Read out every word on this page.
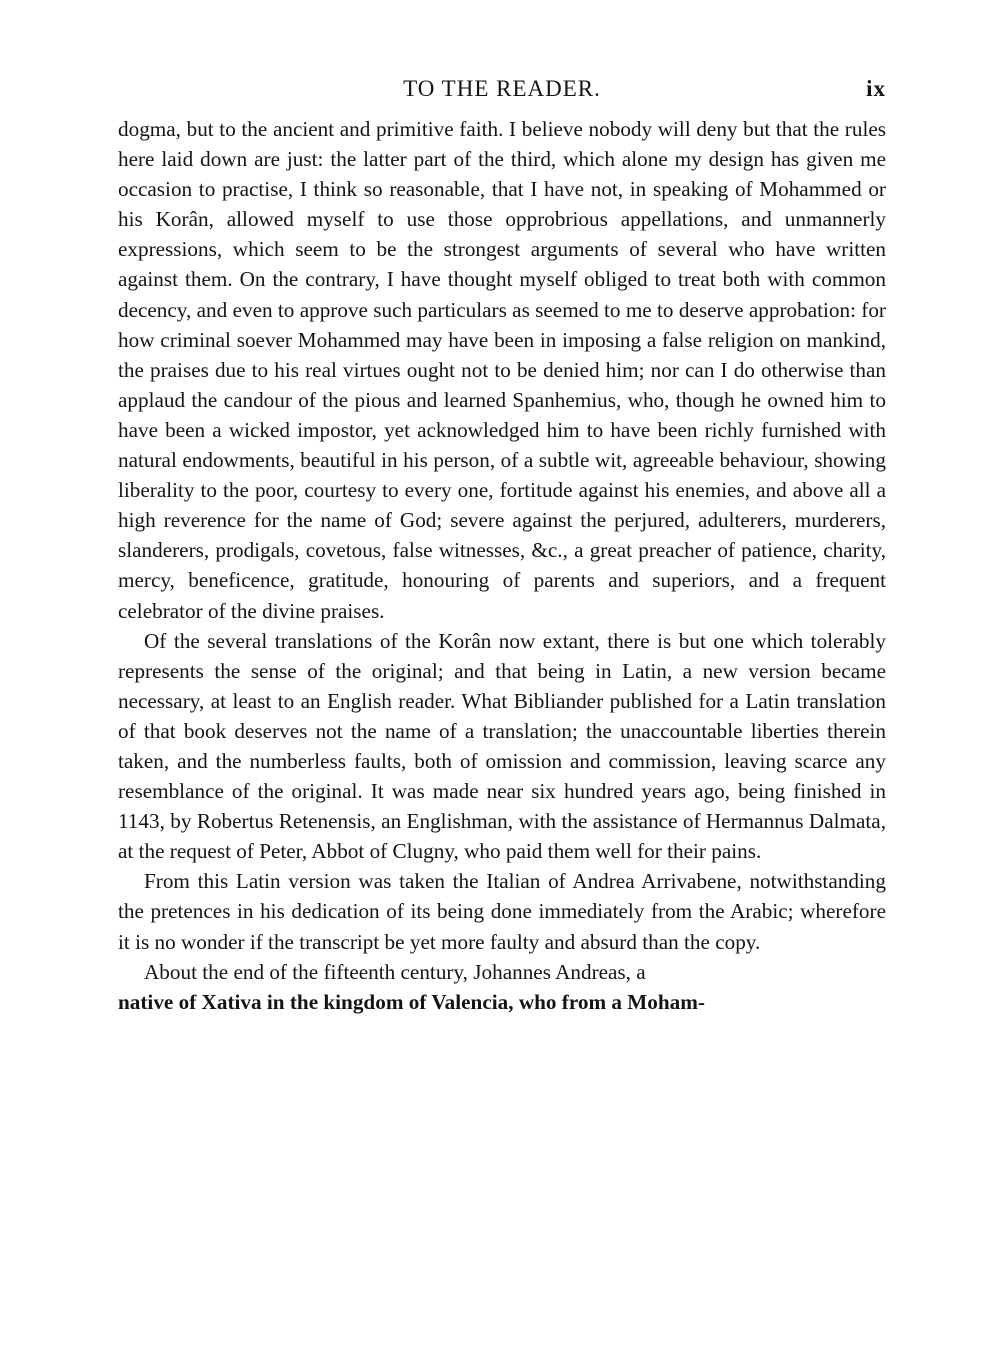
TO THE READER.	ix

dogma, but to the ancient and primitive faith. I believe nobody will deny but that the rules here laid down are just: the latter part of the third, which alone my design has given me occasion to practise, I think so reasonable, that I have not, in speaking of Mohammed or his Korân, allowed myself to use those opprobrious appellations, and unmannerly expressions, which seem to be the strongest arguments of several who have written against them. On the contrary, I have thought myself obliged to treat both with common decency, and even to approve such particulars as seemed to me to deserve approbation: for how criminal soever Mohammed may have been in imposing a false religion on mankind, the praises due to his real virtues ought not to be denied him; nor can I do otherwise than applaud the candour of the pious and learned Spanhemius, who, though he owned him to have been a wicked impostor, yet acknowledged him to have been richly furnished with natural endowments, beautiful in his person, of a subtle wit, agreeable behaviour, showing liberality to the poor, courtesy to every one, fortitude against his enemies, and above all a high reverence for the name of God; severe against the perjured, adulterers, murderers, slanderers, prodigals, covetous, false witnesses, &c., a great preacher of patience, charity, mercy, beneficence, gratitude, honouring of parents and superiors, and a frequent celebrator of the divine praises.

Of the several translations of the Korân now extant, there is but one which tolerably represents the sense of the original; and that being in Latin, a new version became necessary, at least to an English reader. What Bibliander published for a Latin translation of that book deserves not the name of a translation; the unaccountable liberties therein taken, and the numberless faults, both of omission and commission, leaving scarce any resemblance of the original. It was made near six hundred years ago, being finished in 1143, by Robertus Retenensis, an Englishman, with the assistance of Hermannus Dalmata, at the request of Peter, Abbot of Clugny, who paid them well for their pains.

From this Latin version was taken the Italian of Andrea Arrivabene, notwithstanding the pretences in his dedication of its being done immediately from the Arabic; wherefore it is no wonder if the transcript be yet more faulty and absurd than the copy.

About the end of the fifteenth century, Johannes Andreas, a

native of Xativa in the kingdom of Valencia, who from a Moham-
